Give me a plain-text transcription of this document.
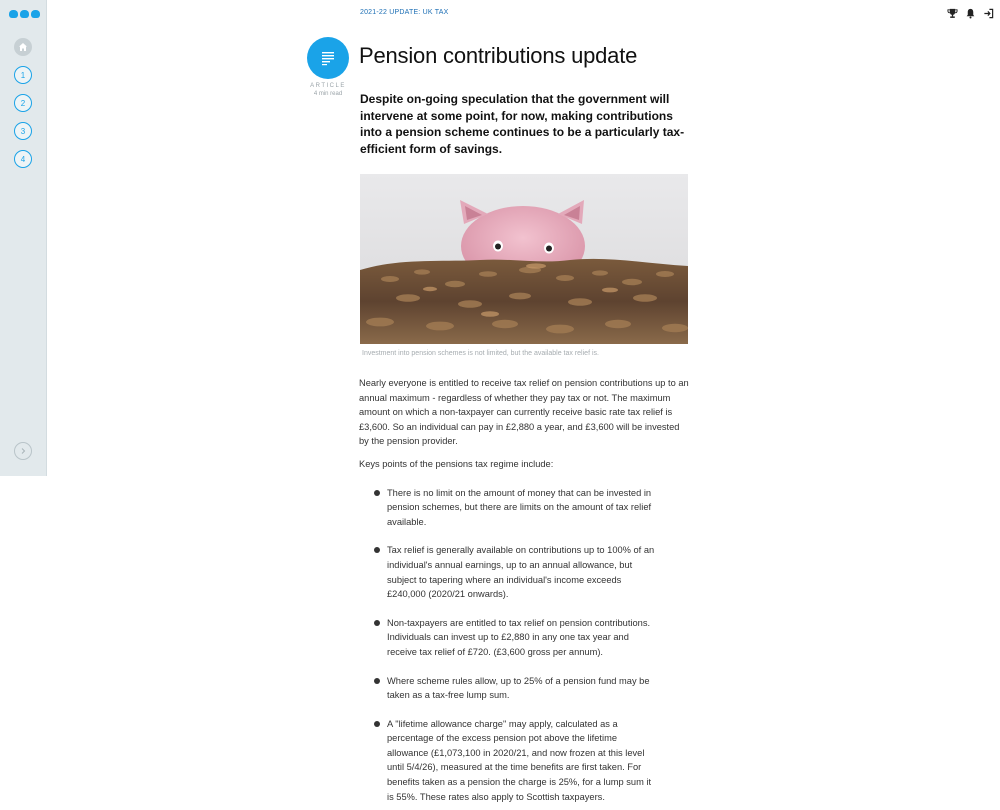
1
2
3
4
2021-22 UPDATE: UK TAX
ARTICLE
4 min read
Pension contributions update

Despite on-going speculation that the government will intervene at some point, for now, making contributions into a pension scheme continues to be a particularly tax-efficient form of savings.

Investment into pension schemes is not limited, but the available tax relief is.

Nearly everyone is entitled to receive tax relief on pension contributions up to an annual maximum - regardless of whether they pay tax or not. The maximum amount on which a non-taxpayer can currently receive basic rate tax relief is £3,600. So an individual can pay in £2,880 a year, and £3,600 will be invested by the pension provider.

Keys points of the pensions tax regime include:

There is no limit on the amount of money that can be invested in pension schemes, but there are limits on the amount of tax relief available.
Tax relief is generally available on contributions up to 100% of an individual's annual earnings, up to an annual allowance, but subject to tapering where an individual's income exceeds £240,000 (2020/21 onwards).
Non-taxpayers are entitled to tax relief on pension contributions. Individuals can invest up to £2,880 in any one tax year and receive tax relief of £720. (£3,600 gross per annum).
Where scheme rules allow, up to 25% of a pension fund may be taken as a tax-free lump sum.
A "lifetime allowance charge" may apply, calculated as a percentage of the excess pension pot above the lifetime allowance (£1,073,100 in 2020/21, and now frozen at this level until 5/4/26), measured at the time benefits are first taken. For benefits taken as a pension the charge is 25%, for a lump sum it is 55%. These rates also apply to Scottish taxpayers.
